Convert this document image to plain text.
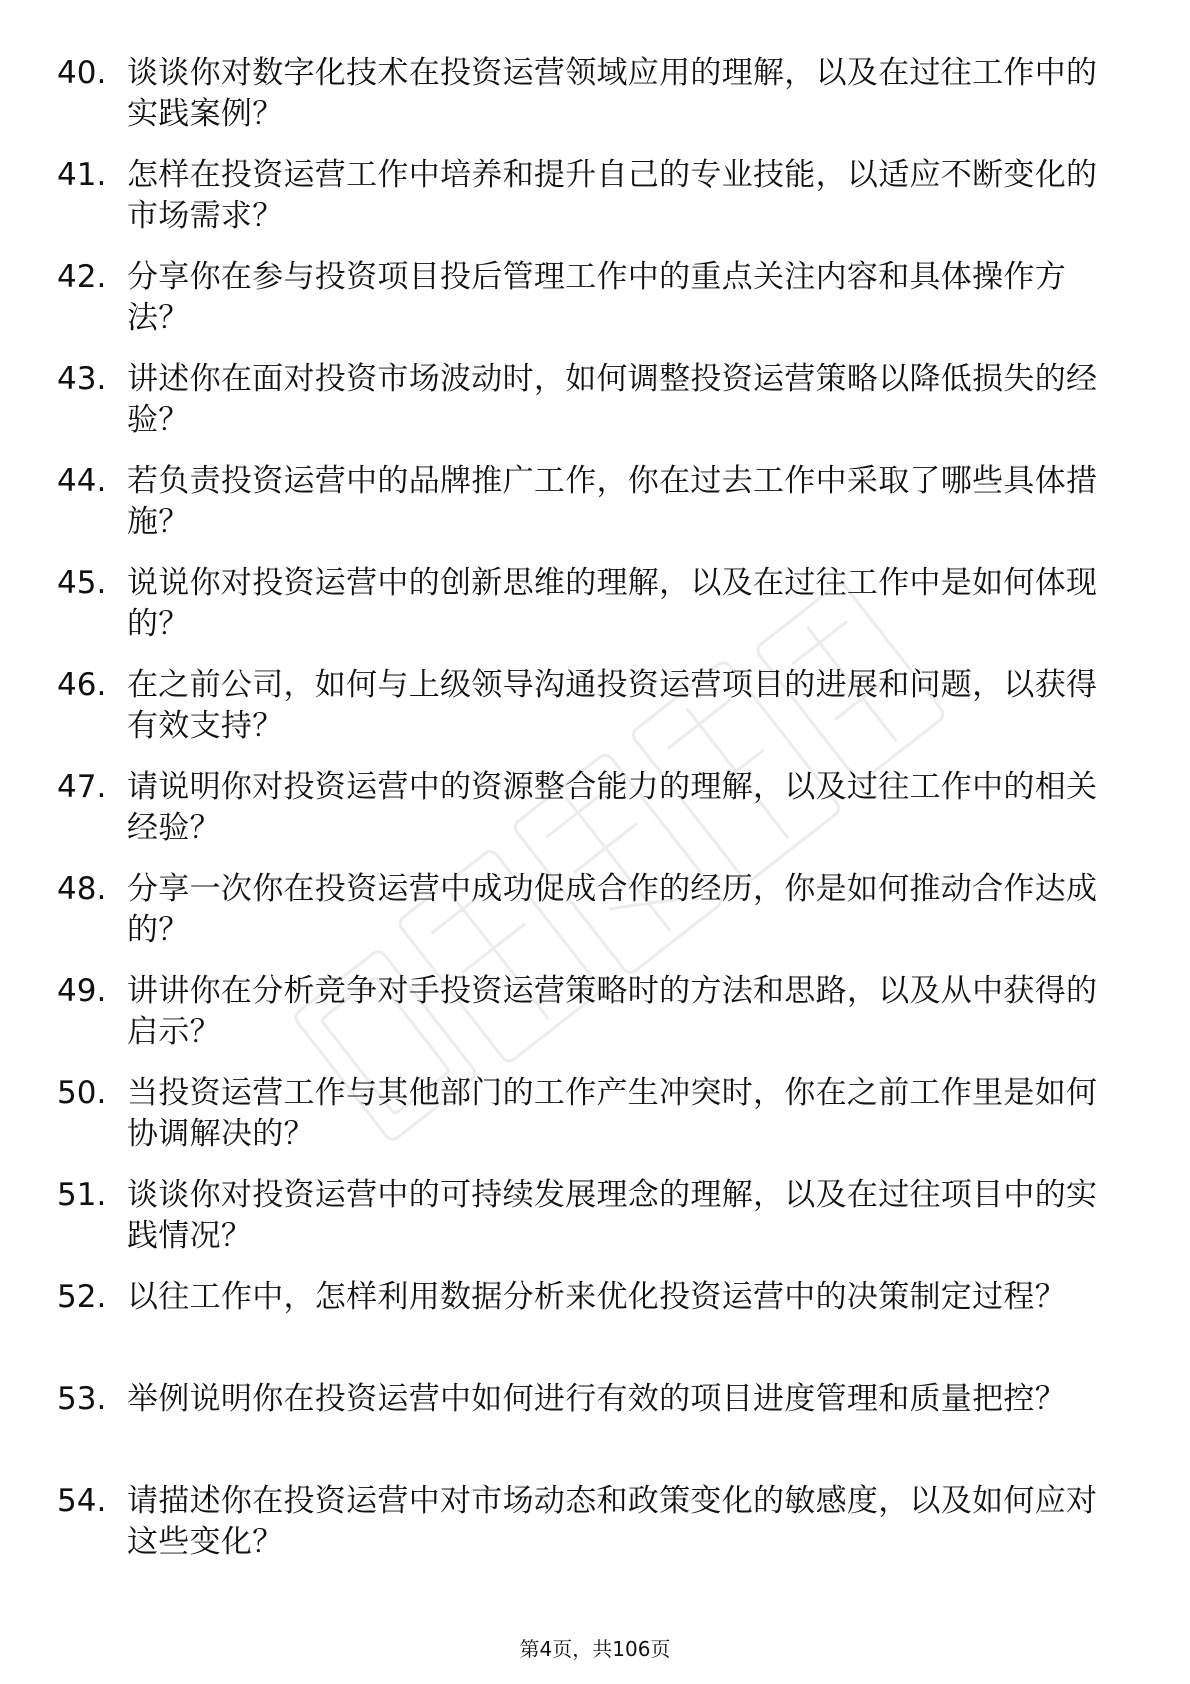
40. 谈谈你对数字化技术在投资运营领域应用的理解，以及在过往工作中的实践案例？
41. 怎样在投资运营工作中培养和提升自己的专业技能，以适应不断变化的市场需求？
42. 分享你在参与投资项目投后管理工作中的重点关注内容和具体操作方法？
43. 讲述你在面对投资市场波动时，如何调整投资运营策略以降低损失的经验？
44. 若负责投资运营中的品牌推广工作，你在过去工作中采取了哪些具体措施？
45. 说说你对投资运营中的创新思维的理解，以及在过往工作中是如何体现的？
46. 在之前公司，如何与上级领导沟通投资运营项目的进展和问题，以获得有效支持？
47. 请说明你对投资运营中的资源整合能力的理解，以及过往工作中的相关经验？
48. 分享一次你在投资运营中成功促成合作的经历，你是如何推动合作达成的？
49. 讲讲你在分析竞争对手投资运营策略时的方法和思路，以及从中获得的启示？
50. 当投资运营工作与其他部门的工作产生冲突时，你在之前工作里是如何协调解决的？
51. 谈谈你对投资运营中的可持续发展理念的理解，以及在过往项目中的实践情况？
52. 以往工作中，怎样利用数据分析来优化投资运营中的决策制定过程？
53. 举例说明你在投资运营中如何进行有效的项目进度管理和质量把控？
54. 请描述你在投资运营中对市场动态和政策变化的敏感度，以及如何应对这些变化？
第4页，共106页
